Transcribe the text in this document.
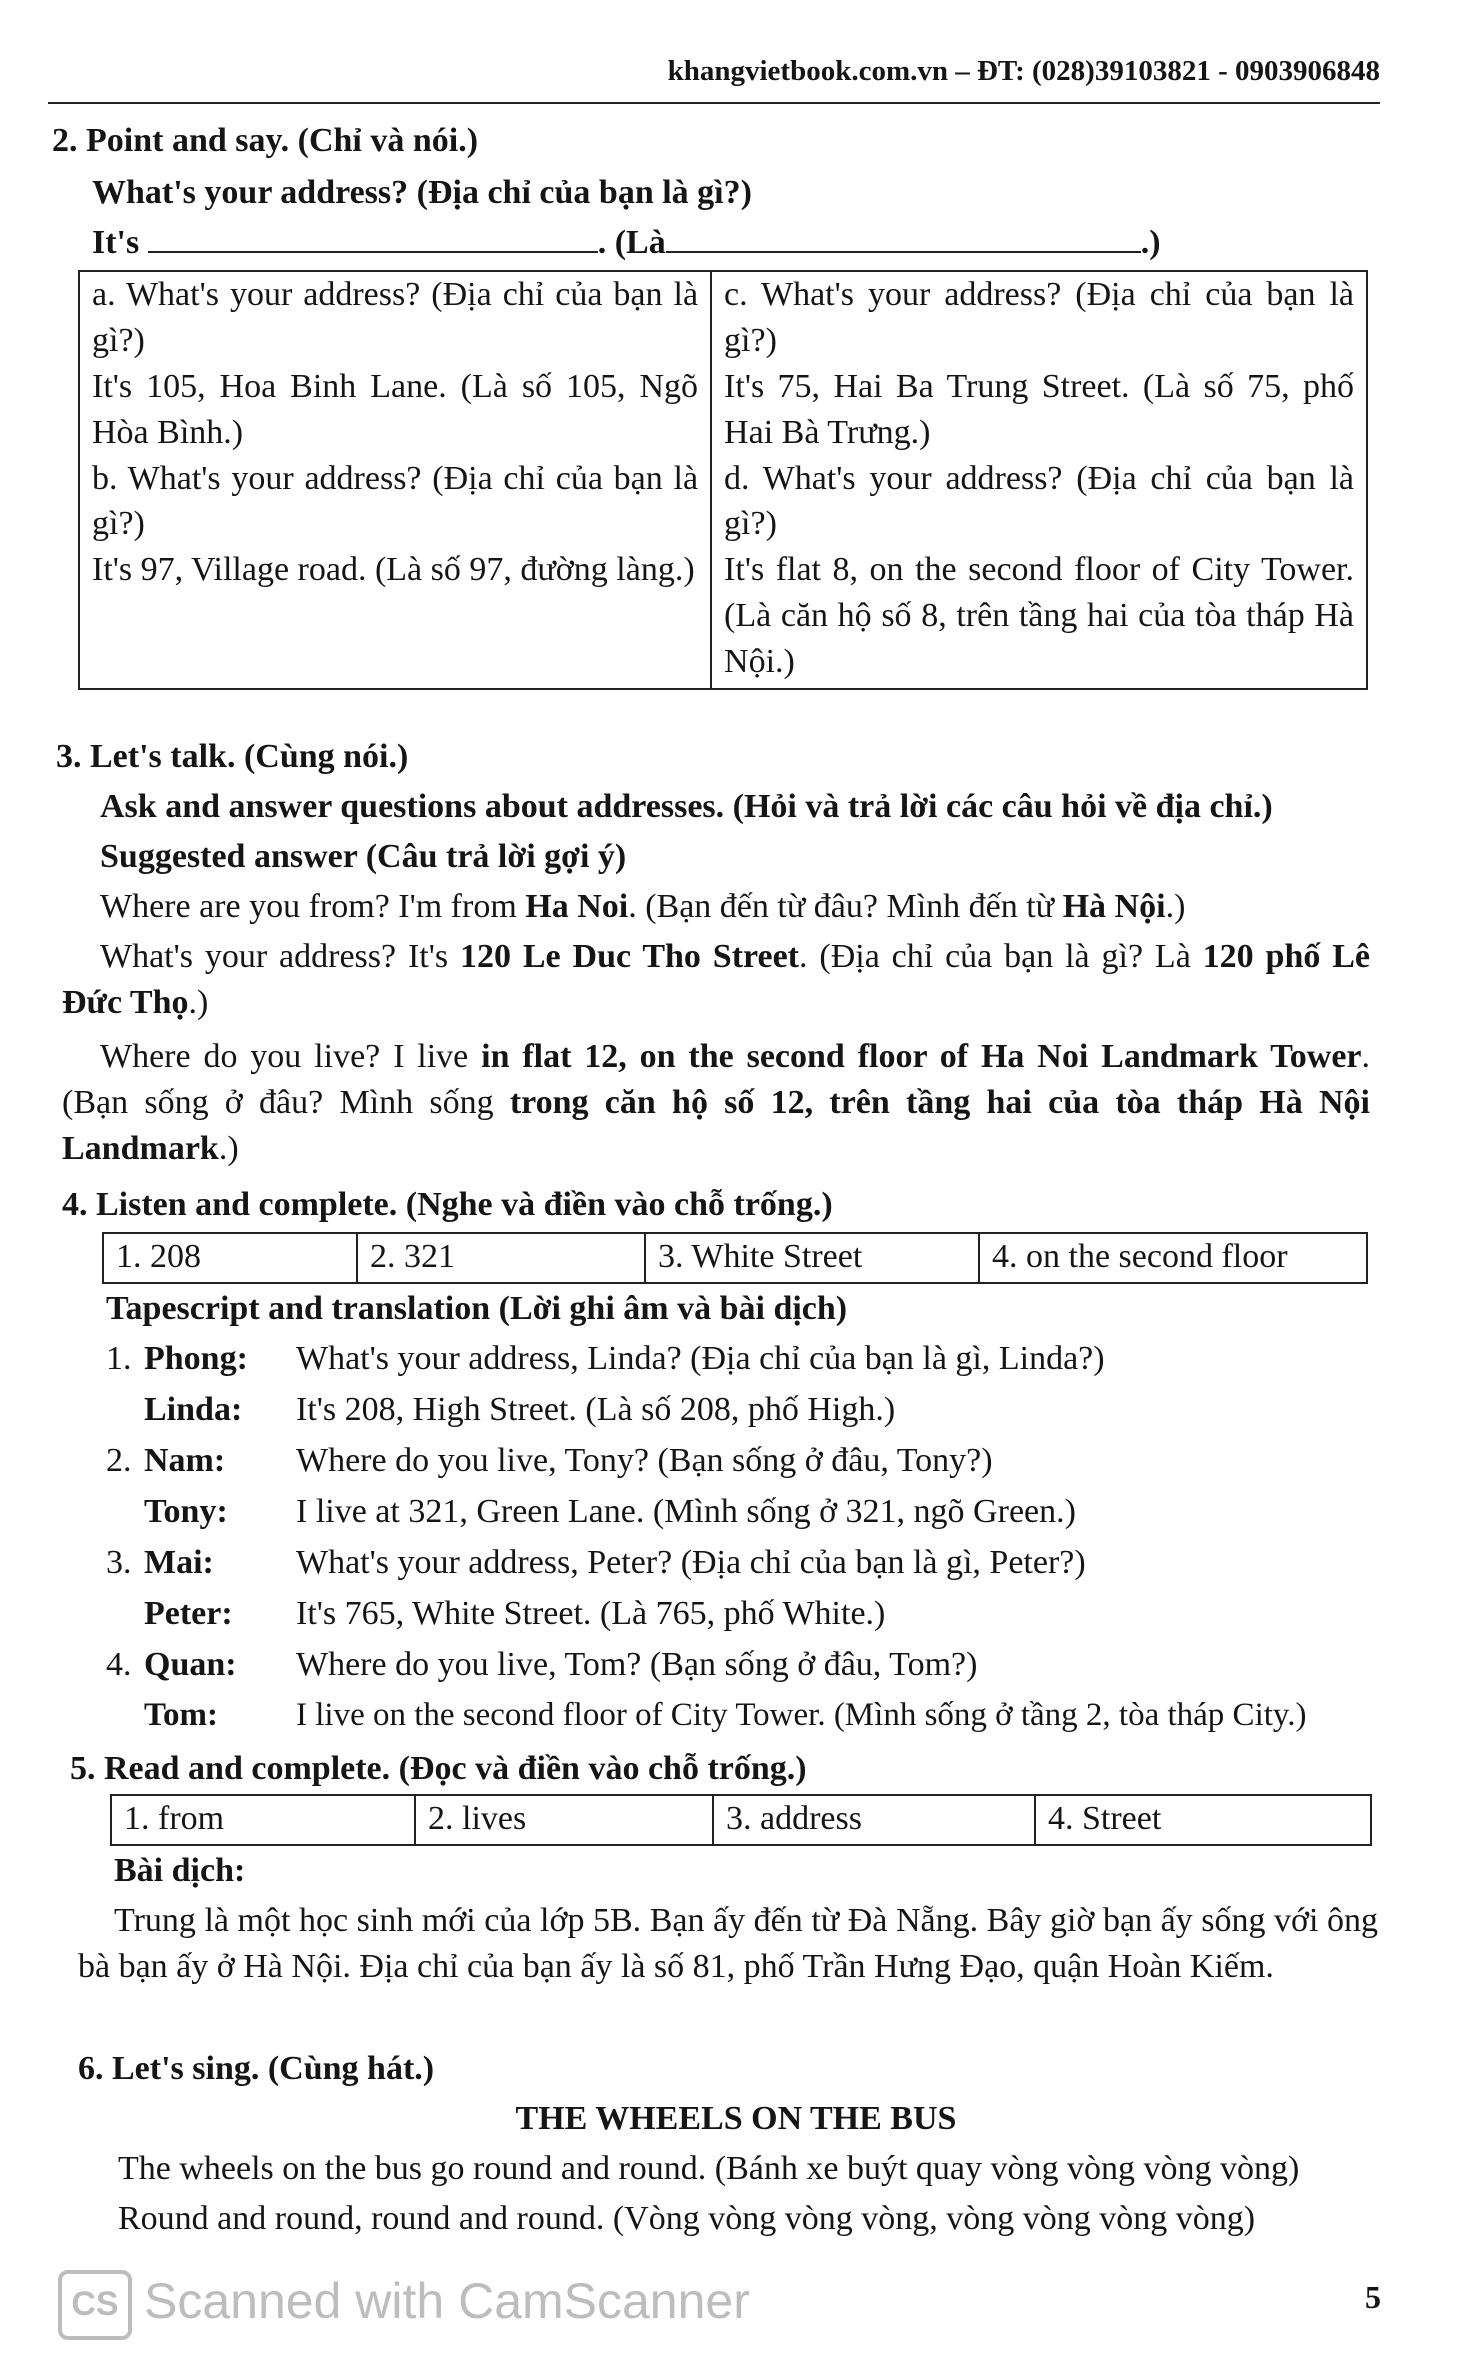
khangvietbook.com.vn – ĐT: (028)39103821 - 0903906848
2. Point and say. (Chỉ và nói.)
What's your address? (Địa chỉ của bạn là gì?)
It's	. (Là	.)
a. What's your address? (Địa chỉ của bạn là gì?)
It's 105, Hoa Binh Lane. (Là số 105, Ngõ Hòa Bình.)
b. What's your address? (Địa chỉ của bạn là gì?)
It's 97, Village road. (Là số 97, đường làng.)

c. What's your address? (Địa chỉ của bạn là gì?)
It's 75, Hai Ba Trung Street. (Là số 75, phố Hai Bà Trưng.)
d. What's your address? (Địa chỉ của bạn là gì?)
It's flat 8, on the second floor of City Tower. (Là căn hộ số 8, trên tầng hai của tòa tháp Hà Nội.)
3. Let's talk. (Cùng nói.)
Ask and answer questions about addresses. (Hỏi và trả lời các câu hỏi về địa chỉ.)
Suggested answer (Câu trả lời gợi ý)
Where are you from? I'm from Ha Noi. (Bạn đến từ đâu? Mình đến từ Hà Nội.)
What's your address? It's 120 Le Duc Tho Street. (Địa chỉ của bạn là gì? Là 120 phố Lê Đức Thọ.)
Where do you live? I live in flat 12, on the second floor of Ha Noi Landmark Tower. (Bạn sống ở đâu? Mình sống trong căn hộ số 12, trên tầng hai của tòa tháp Hà Nội Landmark.)
4. Listen and complete. (Nghe và điền vào chỗ trống.)
1. 208	2. 321	3. White Street	4. on the second floor
Tapescript and translation (Lời ghi âm và bài dịch)
1. Phong: What's your address, Linda? (Địa chỉ của bạn là gì, Linda?)
Linda: It's 208, High Street. (Là số 208, phố High.)
2. Nam: Where do you live, Tony? (Bạn sống ở đâu, Tony?)
Tony: I live at 321, Green Lane. (Mình sống ở 321, ngõ Green.)
3. Mai: What's your address, Peter? (Địa chỉ của bạn là gì, Peter?)
Peter: It's 765, White Street. (Là 765, phố White.)
4. Quan: Where do you live, Tom? (Bạn sống ở đâu, Tom?)
Tom: I live on the second floor of City Tower. (Mình sống ở tầng 2, tòa tháp City.)
5. Read and complete. (Đọc và điền vào chỗ trống.)
1. from	2. lives	3. address	4. Street
Bài dịch:
Trung là một học sinh mới của lớp 5B. Bạn ấy đến từ Đà Nẵng. Bây giờ bạn ấy sống với ông bà bạn ấy ở Hà Nội. Địa chỉ của bạn ấy là số 81, phố Trần Hưng Đạo, quận Hoàn Kiếm.
6. Let's sing. (Cùng hát.)
THE WHEELS ON THE BUS
The wheels on the bus go round and round. (Bánh xe buýt quay vòng vòng vòng vòng)
Round and round, round and round. (Vòng vòng vòng vòng, vòng vòng vòng vòng)
CS Scanned with CamScanner	5
